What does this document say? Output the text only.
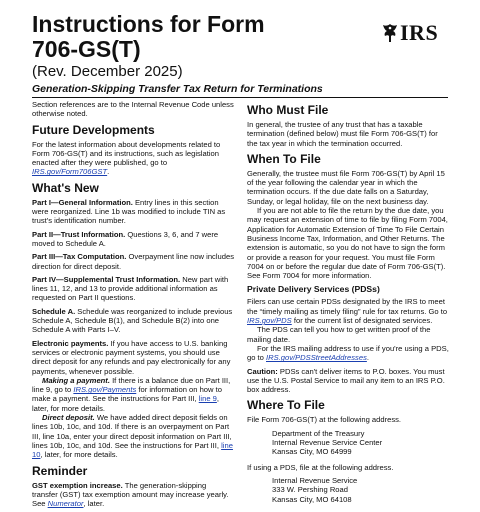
Instructions for Form
706-GS(T)

(Rev. December 2025)

Generation-Skipping Transfer Tax Return for Terminations

IRS

Section references are to the Internal Revenue Code unless otherwise noted.

Future Developments

For the latest information about developments related to Form 706-GS(T) and its instructions, such as legislation enacted after they were published, go to IRS.gov/Form706GST.

What's New

Part I—General Information. Entry lines in this section were reorganized. Line 1b was modified to include TIN as trust's identification number.

Part II—Trust Information. Questions 3, 6, and 7 were moved to Schedule A.

Part III—Tax Computation. Overpayment line now includes direction for direct deposit.

Part IV—Supplemental Trust Information. New part with lines 11, 12, and 13 to provide additional information as requested on Part II questions.

Schedule A. Schedule was reorganized to include previous Schedule A, Schedule B(1), and Schedule B(2) into one Schedule A with Parts I–V.

Electronic payments. If you have access to U.S. banking services or electronic payment systems, you should use direct deposit for any refunds and pay electronically for any payments, whenever possible.

Making a payment. If there is a balance due on Part III, line 9, go to IRS.gov/Payments for information on how to make a payment. See the instructions for Part III, line 9, later, for more details.

Direct deposit. We have added direct deposit fields on lines 10b, 10c, and 10d. If there is an overpayment on Part III, line 10a, enter your direct deposit information on Part III, lines 10b, 10c, and 10d. See the instructions for Part III, line 10, later, for more details.

Reminder

GST exemption increase. The generation-skipping transfer (GST) tax exemption amount may increase yearly. See Numerator, later.

Who Must File

In general, the trustee of any trust that has a taxable termination (defined below) must file Form 706-GS(T) for the tax year in which the termination occurred.

When To File

Generally, the trustee must file Form 706-GS(T) by April 15 of the year following the calendar year in which the termination occurs. If the due date falls on a Saturday, Sunday, or legal holiday, file on the next business day.

If you are not able to file the return by the due date, you may request an extension of time to file by filing Form 7004, Application for Automatic Extension of Time To File Certain Business Income Tax, Information, and Other Returns. The extension is automatic, so you do not have to sign the form or provide a reason for your request. You must file Form 7004 on or before the regular due date of Form 706-GS(T). See Form 7004 for more information.

Private Delivery Services (PDSs)

Filers can use certain PDSs designated by the IRS to meet the “timely mailing as timely filing” rule for tax returns. Go to IRS.gov/PDS for the current list of designated services.

The PDS can tell you how to get written proof of the mailing date.

For the IRS mailing address to use if you're using a PDS, go to IRS.gov/PDSStreetAddresses.

Caution: PDSs can't deliver items to P.O. boxes. You must use the U.S. Postal Service to mail any item to an IRS P.O. box address.

Where To File

File Form 706-GS(T) at the following address.

Department of the Treasury
Internal Revenue Service Center
Kansas City, MO 64999

If using a PDS, file at the following address.

Internal Revenue Service
333 W. Pershing Road
Kansas City, MO 64108
